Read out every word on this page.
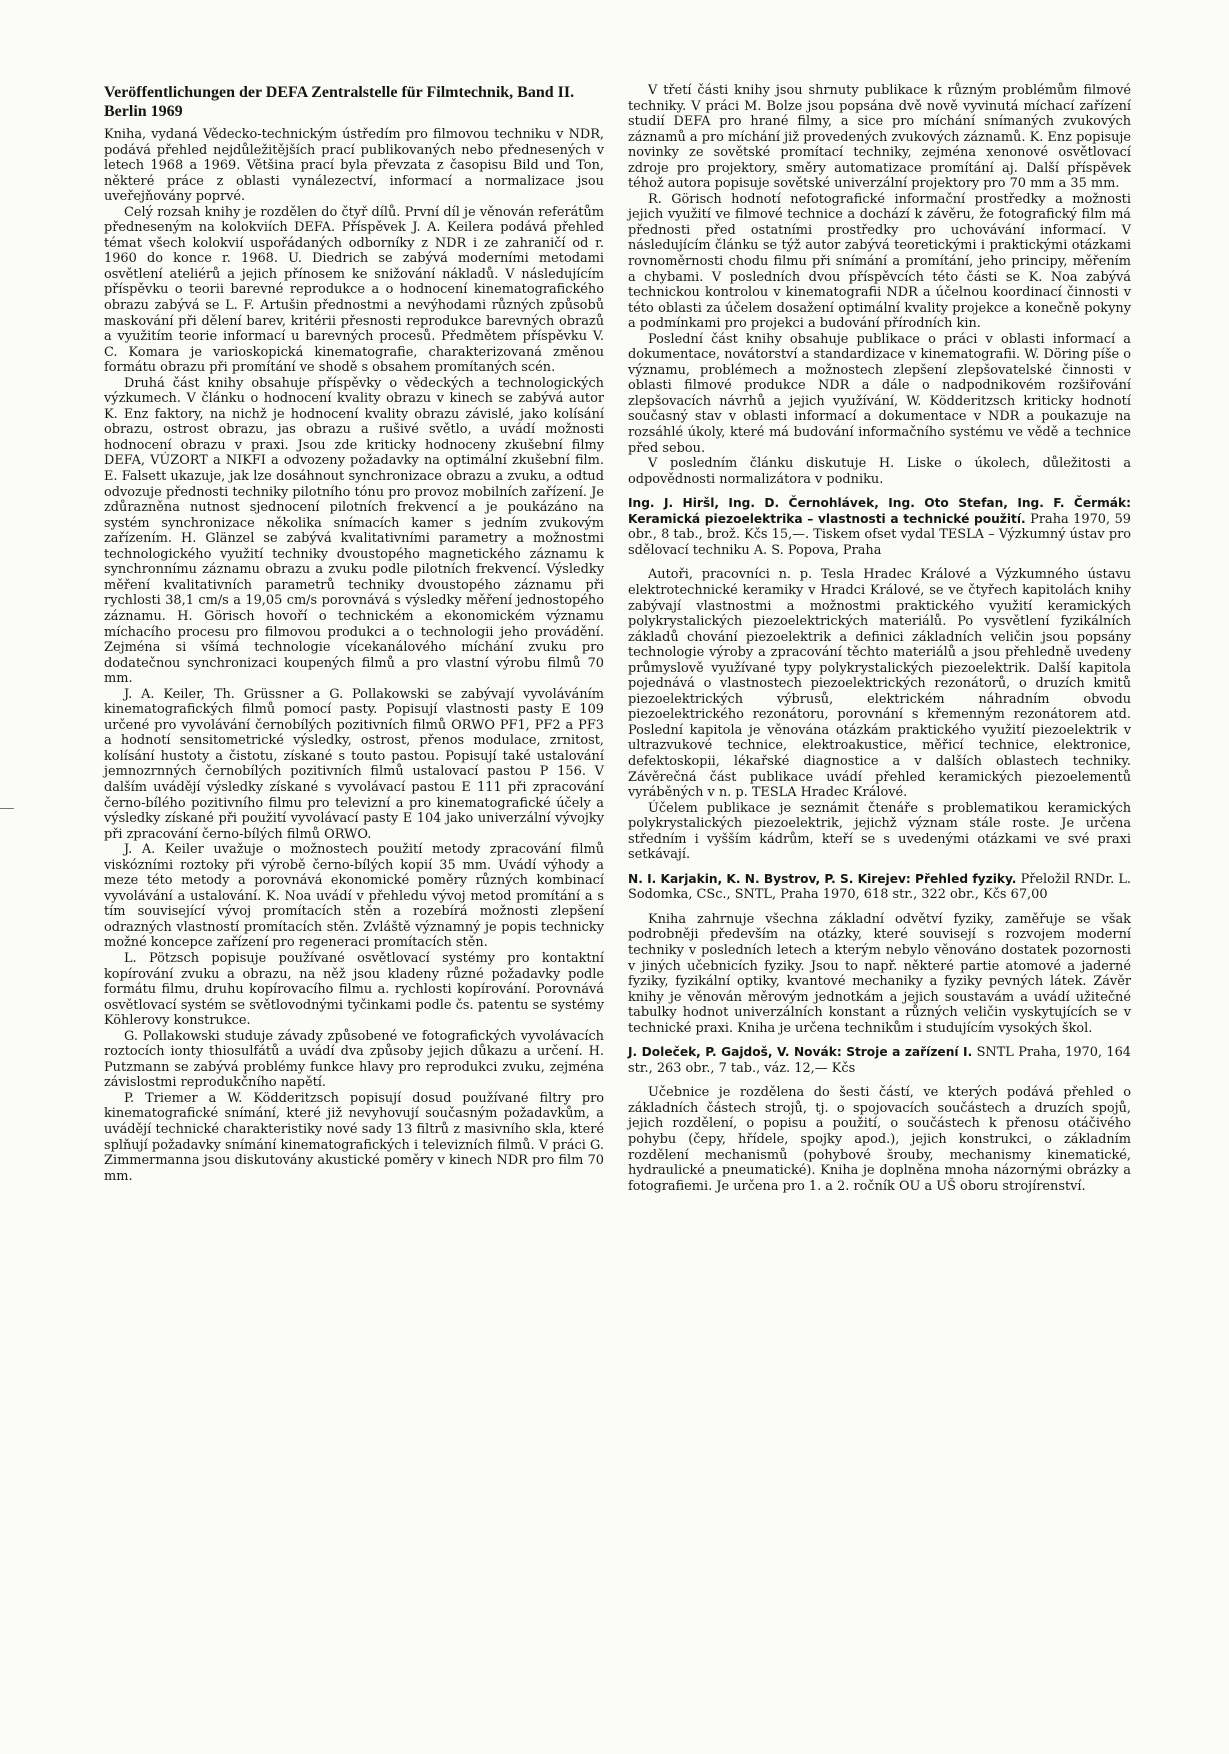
Veröffentlichungen der DEFA Zentralstelle für Filmtechnik, Band II. Berlin 1969

Kniha, vydaná Vědecko-technickým ústředím pro filmovou techniku v NDR, podává přehled nejdůležitějších prací publikovaných nebo přednesených v letech 1968 a 1969. Většina prací byla převzata z časopisu Bild und Ton, některé práce z oblasti vynálezectví, informací a normalizace jsou uveřejňovány poprvé.

Celý rozsah knihy je rozdělen do čtyř dílů. První díl je věnován referátům předneseným na kolokviích DEFA. Příspěvek J. A. Keilera podává přehled témat všech kolokvií uspořádaných odborníky z NDR i ze zahraničí od r. 1960 do konce r. 1968. U. Diedrich se zabývá moderními metodami osvětlení ateliérů a jejich přínosem ke snižování nákladů. V následujícím příspěvku o teorii barevné reprodukce a o hodnocení kinematografického obrazu zabývá se L. F. Artušin přednostmi a nevýhodami různých způsobů maskování při dělení barev, kritérii přesnosti reprodukce barevných obrazů a využitím teorie informací u barevných procesů. Předmětem příspěvku V. C. Komara je varioskopická kinematografie, charakterizovaná změnou formátu obrazu při promítání ve shodě s obsahem promítaných scén.

Druhá část knihy obsahuje příspěvky o vědeckých a technologických výzkumech. V článku o hodnocení kvality obrazu v kinech se zabývá autor K. Enz faktory, na nichž je hodnocení kvality obrazu závislé, jako kolísání obrazu, ostrost obrazu, jas obrazu a rušivé světlo, a uvádí možnosti hodnocení obrazu v praxi. Jsou zde kriticky hodnoceny zkušební filmy DEFA, VÚZORT a NIKFI a odvozeny požadavky na optimální zkušební film. E. Falsett ukazuje, jak lze dosáhnout synchronizace obrazu a zvuku, a odtud odvozuje přednosti techniky pilotního tónu pro provoz mobilních zařízení. Je zdůrazněna nutnost sjednocení pilotních frekvencí a je poukázáno na systém synchronizace několika snímacích kamer s jedním zvukovým zařízením. H. Glänzel se zabývá kvalitativními parametry a možnostmi technologického využití techniky dvoustopého magnetického záznamu k synchronnímu záznamu obrazu a zvuku podle pilotních frekvencí. Výsledky měření kvalitativních parametrů techniky dvoustopého záznamu při rychlosti 38,1 cm/s a 19,05 cm/s porovnává s výsledky měření jednostopého záznamu. H. Görisch hovoří o technickém a ekonomickém významu míchacího procesu pro filmovou produkci a o technologii jeho provádění. Zejména si všímá technologie vícekanálového míchání zvuku pro dodatečnou synchronizaci koupených filmů a pro vlastní výrobu filmů 70 mm.

J. A. Keiler, Th. Grüssner a G. Pollakowski se zabývají vyvoláváním kinematografických filmů pomocí pasty. Popisují vlastnosti pasty E 109 určené pro vyvolávání černobílých pozitivních filmů ORWO PF1, PF2 a PF3 a hodnotí sensitometrické výsledky, ostrost, přenos modulace, zrnitost, kolísání hustoty a čistotu, získané s touto pastou. Popisují také ustalování jemnozrnných černobílých pozitivních filmů ustalovací pastou P 156. V dalším uvádějí výsledky získané s vyvolávací pastou E 111 při zpracování černo-bílého pozitivního filmu pro televizní a pro kinematografické účely a výsledky získané při použití vyvolávací pasty E 104 jako univerzální vývojky při zpracování černo-bílých filmů ORWO.

J. A. Keiler uvažuje o možnostech použití metody zpracování filmů viskózními roztoky při výrobě černo-bílých kopií 35 mm. Uvádí výhody a meze této metody a porovnává ekonomické poměry různých kombinací vyvolávání a ustalování. K. Noa uvádí v přehledu vývoj metod promítání a s tím související vývoj promítacích stěn a rozebírá možnosti zlepšení odrazných vlastností promítacích stěn. Zvláště významný je popis technicky možné koncepce zařízení pro regeneraci promítacích stěn.

L. Pötzsch popisuje používané osvětlovací systémy pro kontaktní kopírování zvuku a obrazu, na něž jsou kladeny různé požadavky podle formátu filmu, druhu kopírovacího filmu a. rychlosti kopírování. Porovnává osvětlovací systém se světlovodnými tyčinkami podle čs. patentu se systémy Köhlerovy konstrukce.

G. Pollakowski studuje závady způsobené ve fotografických vyvolávacích roztocích ionty thiosulfátů a uvádí dva způsoby jejich důkazu a určení. H. Putzmann se zabývá problémy funkce hlavy pro reprodukci zvuku, zejména závislostmi reprodukčního napětí.

P. Triemer a W. Ködderitzsch popisují dosud používané filtry pro kinematografické snímání, které již nevyhovují současným požadavkům, a uvádějí technické charakteristiky nové sady 13 filtrů z masivního skla, které splňují požadavky snímání kinematografických i televizních filmů. V práci G. Zimmermanna jsou diskutovány akustické poměry v kinech NDR pro film 70 mm.

V třetí části knihy jsou shrnuty publikace k různým problémům filmové techniky. V práci M. Bolze jsou popsána dvě nově vyvinutá míchací zařízení studií DEFA pro hrané filmy, a sice pro míchání snímaných zvukových záznamů a pro míchání již provedených zvukových záznamů. K. Enz popisuje novinky ze sovětské promítací techniky, zejména xenonové osvětlovací zdroje pro projektory, směry automatizace promítání aj. Další příspěvek téhož autora popisuje sovětské univerzální projektory pro 70 mm a 35 mm.

R. Görisch hodnotí nefotografické informační prostředky a možnosti jejich využití ve filmové technice a dochází k závěru, že fotografický film má přednosti před ostatními prostředky pro uchovávání informací. V následujícím článku se týž autor zabývá teoretickými i praktickými otázkami rovnoměrnosti chodu filmu při snímání a promítání, jeho principy, měřením a chybami. V posledních dvou příspěvcích této části se K. Noa zabývá technickou kontrolou v kinematografii NDR a účelnou koordinací činnosti v této oblasti za účelem dosažení optimální kvality projekce a konečně pokyny a podmínkami pro projekci a budování přírodních kin.

Poslední část knihy obsahuje publikace o práci v oblasti informací a dokumentace, novátorství a standardizace v kinematografii. W. Döring píše o významu, problémech a možnostech zlepšení zlepšovatelské činnosti v oblasti filmové produkce NDR a dále o nadpodnikovém rozšiřování zlepšovacích návrhů a jejich využívání, W. Ködderitzsch kriticky hodnotí současný stav v oblasti informací a dokumentace v NDR a poukazuje na rozsáhlé úkoly, které má budování informačního systému ve vědě a technice před sebou.

V posledním článku diskutuje H. Liske o úkolech, důležitosti a odpovědnosti normalizátora v podniku.

Ing. J. Hiršl, Ing. D. Černohlávek, Ing. Oto Stefan, Ing. F. Čermák: Keramická piezoelektrika – vlastnosti a technické použití. Praha 1970, 59 obr., 8 tab., brož. Kčs 15,—. Tiskem ofset vydal TESLA – Výzkumný ústav pro sdělovací techniku A. S. Popova, Praha

Autoři, pracovníci n. p. Tesla Hradec Králové a Výzkumného ústavu elektrotechnické keramiky v Hradci Králové, se ve čtyřech kapitolách knihy zabývají vlastnostmi a možnostmi praktického využití keramických polykrystalických piezoelektrických materiálů. Po vysvětlení fyzikálních základů chování piezoelektrik a definici základních veličin jsou popsány technologie výroby a zpracování těchto materiálů a jsou přehledně uvedeny průmyslově využívané typy polykrystalických piezoelektrik. Další kapitola pojednává o vlastnostech piezoelektrických rezonátorů, o druzích kmitů piezoelektrických výbrusů, elektrickém náhradním obvodu piezoelektrického rezonátoru, porovnání s křemenným rezonátorem atd. Poslední kapitola je věnována otázkám praktického využití piezoelektrik v ultrazvukové technice, elektroakustice, měřicí technice, elektronice, defektoskopii, lékařské diagnostice a v dalších oblastech techniky. Závěrečná část publikace uvádí přehled keramických piezoelementů vyráběných v n. p. TESLA Hradec Králové.

Účelem publikace je seznámit čtenáře s problematikou keramických polykrystalických piezoelektrik, jejichž význam stále roste. Je určena středním i vyšším kádrům, kteří se s uvedenými otázkami ve své praxi setkávají.

N. I. Karjakin, K. N. Bystrov, P. S. Kirejev: Přehled fyziky. Přeložil RNDr. L. Sodomka, CSc., SNTL, Praha 1970, 618 str., 322 obr., Kčs 67,00

Kniha zahrnuje všechna základní odvětví fyziky, zaměřuje se však podrobněji především na otázky, které souvisejí s rozvojem moderní techniky v posledních letech a kterým nebylo věnováno dostatek pozornosti v jiných učebnicích fyziky. Jsou to např. některé partie atomové a jaderné fyziky, fyzikální optiky, kvantové mechaniky a fyziky pevných látek. Závěr knihy je věnován měrovým jednotkám a jejich soustavám a uvádí užitečné tabulky hodnot univerzálních konstant a různých veličin vyskytujících se v technické praxi. Kniha je určena technikům i studujícím vysokých škol.

J. Doleček, P. Gajdoš, V. Novák: Stroje a zařízení I. SNTL Praha, 1970, 164 str., 263 obr., 7 tab., váz. 12,— Kčs

Učebnice je rozdělena do šesti částí, ve kterých podává přehled o základních částech strojů, tj. o spojovacích součástech a druzích spojů, jejich rozdělení, o popisu a použití, o součástech k přenosu otáčivého pohybu (čepy, hřídele, spojky apod.), jejich konstrukci, o základním rozdělení mechanismů (pohybové šrouby, mechanismy kinematické, hydraulické a pneumatické). Kniha je doplněna mnoha názornými obrázky a fotografiemi. Je určena pro 1. a 2. ročník OU a UŠ oboru strojírenství.
